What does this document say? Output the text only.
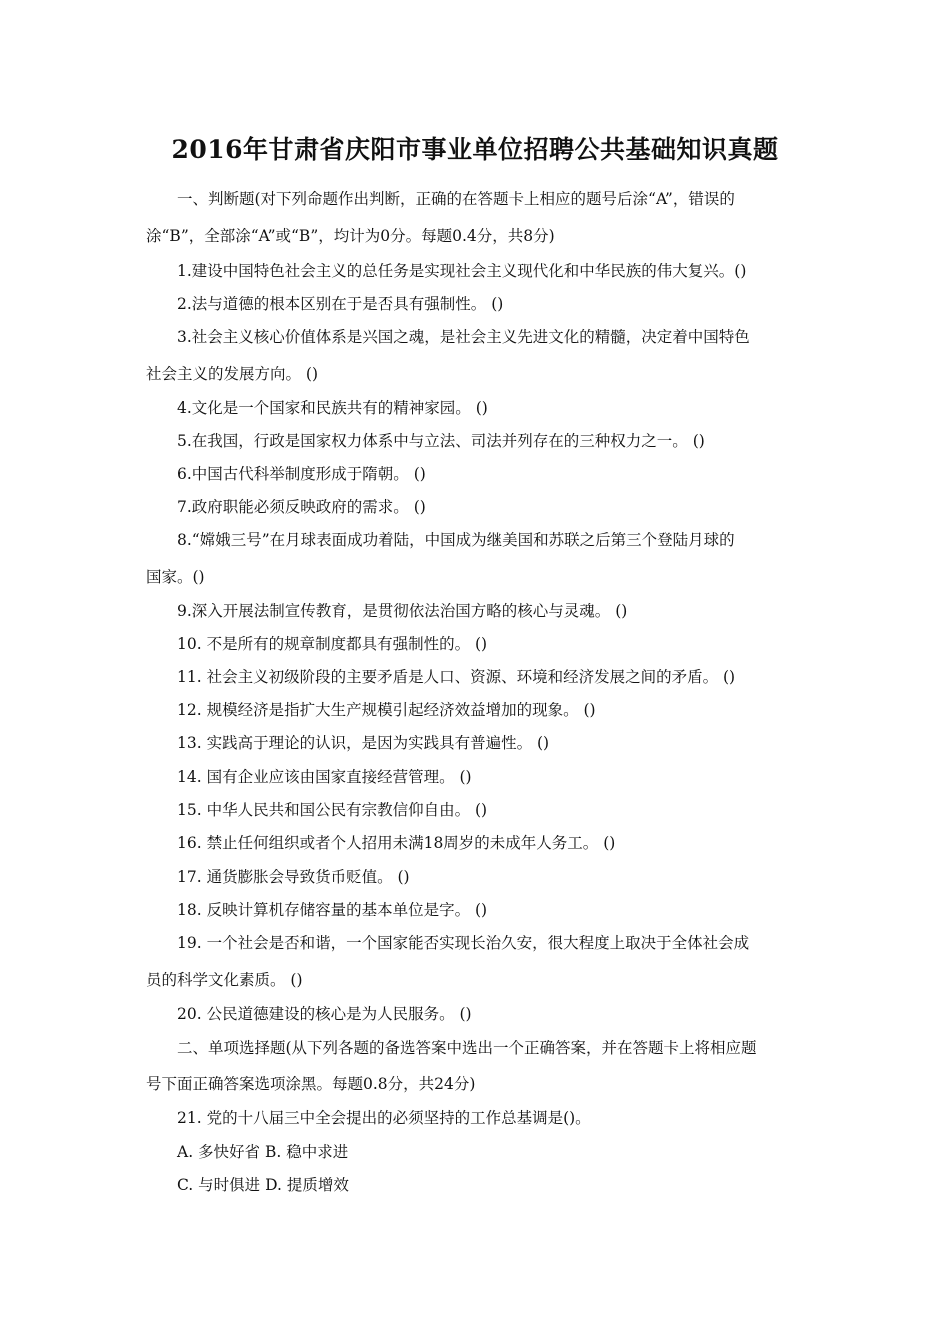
2016年甘肃省庆阳市事业单位招聘公共基础知识真题
一、判断题(对下列命题作出判断，正确的在答题卡上相应的题号后涂“A”，错误的
涂“B”，全部涂“A”或“B”，均计为0分。每题0.4分，共8分)
1.建设中国特色社会主义的总任务是实现社会主义现代化和中华民族的伟大复兴。()
2.法与道德的根本区别在于是否具有强制性。 ()
3.社会主义核心价值体系是兴国之魂，是社会主义先进文化的精髓，决定着中国特色
社会主义的发展方向。 ()
4.文化是一个国家和民族共有的精神家园。 ()
5.在我国，行政是国家权力体系中与立法、司法并列存在的三种权力之一。 ()
6.中国古代科举制度形成于隋朝。 ()
7.政府职能必须反映政府的需求。 ()
8.“嫦娥三号”在月球表面成功着陆，中国成为继美国和苏联之后第三个登陆月球的
国家。()
9.深入开展法制宣传教育，是贯彻依法治国方略的核心与灵魂。 ()
10. 不是所有的规章制度都具有强制性的。 ()
11. 社会主义初级阶段的主要矛盾是人口、资源、环境和经济发展之间的矛盾。 ()
12. 规模经济是指扩大生产规模引起经济效益增加的现象。 ()
13. 实践高于理论的认识，是因为实践具有普遍性。 ()
14. 国有企业应该由国家直接经营管理。 ()
15. 中华人民共和国公民有宗教信仰自由。 ()
16. 禁止任何组织或者个人招用未满18周岁的未成年人务工。 ()
17. 通货膨胀会导致货币贬值。 ()
18. 反映计算机存储容量的基本单位是字。 ()
19. 一个社会是否和谐，一个国家能否实现长治久安，很大程度上取决于全体社会成
员的科学文化素质。 ()
20. 公民道德建设的核心是为人民服务。 ()
二、单项选择题(从下列各题的备选答案中选出一个正确答案，并在答题卡上将相应题
号下面正确答案选项涂黑。每题0.8分，共24分)
21. 党的十八届三中全会提出的必须坚持的工作总基调是()。
A. 多快好省 B. 稳中求进
C. 与时俱进 D. 提质增效
